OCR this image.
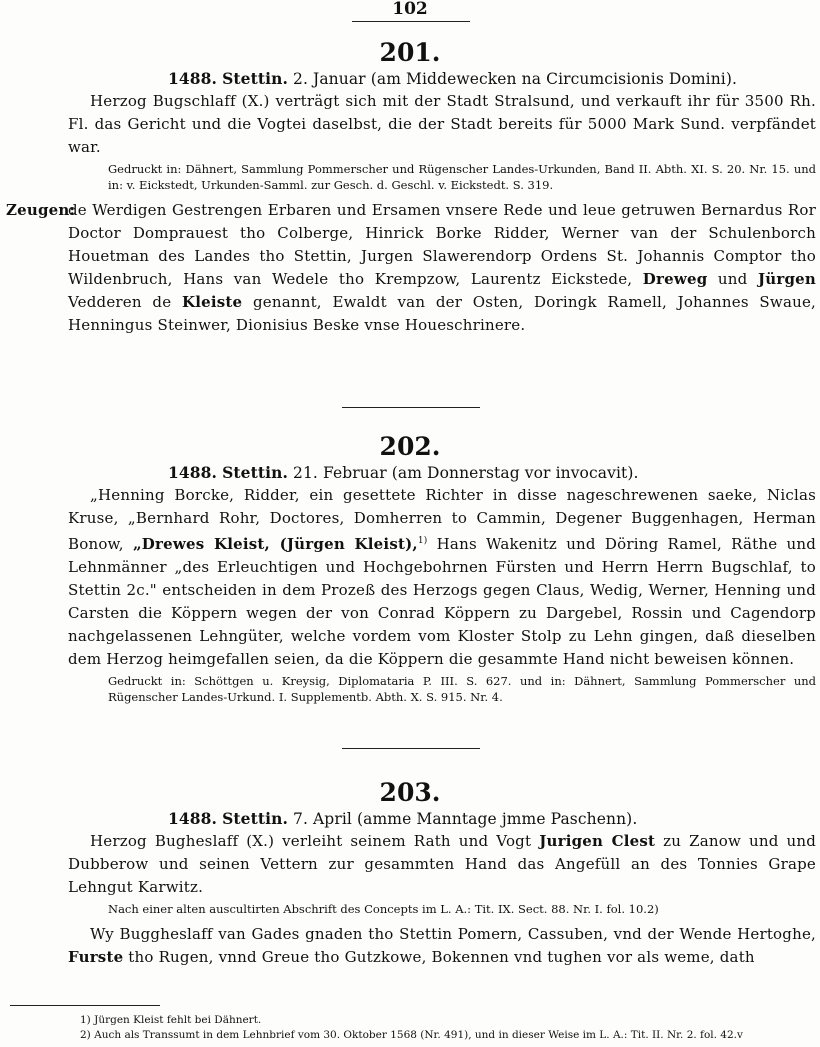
102
201.
1488. Stettin. 2. Januar (am Middewecken na Circumcisionis Domini).

Herzog Bugschlaff (X.) verträgt sich mit der Stadt Stralsund, und verkauft ihr für 3500 Rh. Fl. das Gericht und die Vogtei daselbst, die der Stadt bereits für 5000 Mark Sund. verpfändet war.

Gedruckt in: Dähnert, Sammlung Pommerscher und Rügenscher Landes-Urkunden, Band II. Abth. XI. S. 20. Nr. 15. und in: v. Eickstedt, Urkunden-Samml. zur Gesch. d. Geschl. v. Eickstedt. S. 319.

Zeugen:
de Werdigen Gestrengen Erbaren und Ersamen vnsere Rede und leue getruwen Bernardus Ror Doctor Domprauest tho Colberge, Hinrick Borke Ridder, Werner van der Schulenborch Houetman des Landes tho Stettin, Jurgen Slawerendorp Ordens St. Johannis Comptor tho Wildenbruch, Hans van Wedele tho Krempzow, Laurentz Eickstede, Dreweg und Jürgen Vedderen de Kleiste genannt, Ewaldt van der Osten, Doringk Ramell, Johannes Swaue, Henningus Steinwer, Dionisius Beske vnse Houeschrinere.

202.
1488. Stettin. 21. Februar (am Donnerstag vor invocavit).

„Henning Borcke, Ridder, ein gesettete Richter in disse nageschrewenen saeke, Niclas Kruse, „Bernhard Rohr, Doctores, Domherren to Cammin, Degener Buggenhagen, Herman Bonow, „Drewes Kleist, (Jürgen Kleist),$^{1)}$ Hans Wakenitz und Döring Ramel, Räthe und Lehnmänner „des Erleuchtigen und Hochgebohrnen Fürsten und Herrn Herrn Bugschlaf, to Stettin 2c." entscheiden in dem Prozeß des Herzogs gegen Claus, Wedig, Werner, Henning und Carsten die Köppern wegen der von Conrad Köppern zu Dargebel, Rossin und Cagendorp nachgelassenen Lehngüter, welche vordem vom Kloster Stolp zu Lehn gingen, daß dieselben dem Herzog heimgefallen seien, da die Köppern die gesammte Hand nicht beweisen können.

Gedruckt in: Schöttgen u. Kreysig, Diplomataria P. III. S. 627. und in: Dähnert, Sammlung Pommerscher und Rügenscher Landes-Urkund. I. Supplementb. Abth. X. S. 915. Nr. 4.

203.
1488. Stettin. 7. April (amme Manntage jmme Paschenn).

Herzog Bugheslaff (X.) verleiht seinem Rath und Vogt Jurigen Clest zu Zanow und und Dubberow und seinen Vettern zur gesammten Hand das Angefüll an des Tonnies Grape Lehngut Karwitz.

Nach einer alten auscultirten Abschrift des Concepts im L. A.: Tit. IX. Sect. 88. Nr. I. fol. 10.2)

Wy Buggheslaff van Gades gnaden tho Stettin Pomern, Cassuben, vnd der Wende Hertoghe, Furste tho Rugen, vnnd Greue tho Gutzkowe, Bokennen vnd tughen vor als weme, dath

1) Jürgen Kleist fehlt bei Dähnert.
2) Auch als Transsumt in dem Lehnbrief vom 30. Oktober 1568 (Nr. 491), und in dieser Weise im L. A.: Tit. II. Nr. 2. fol. 42.v
